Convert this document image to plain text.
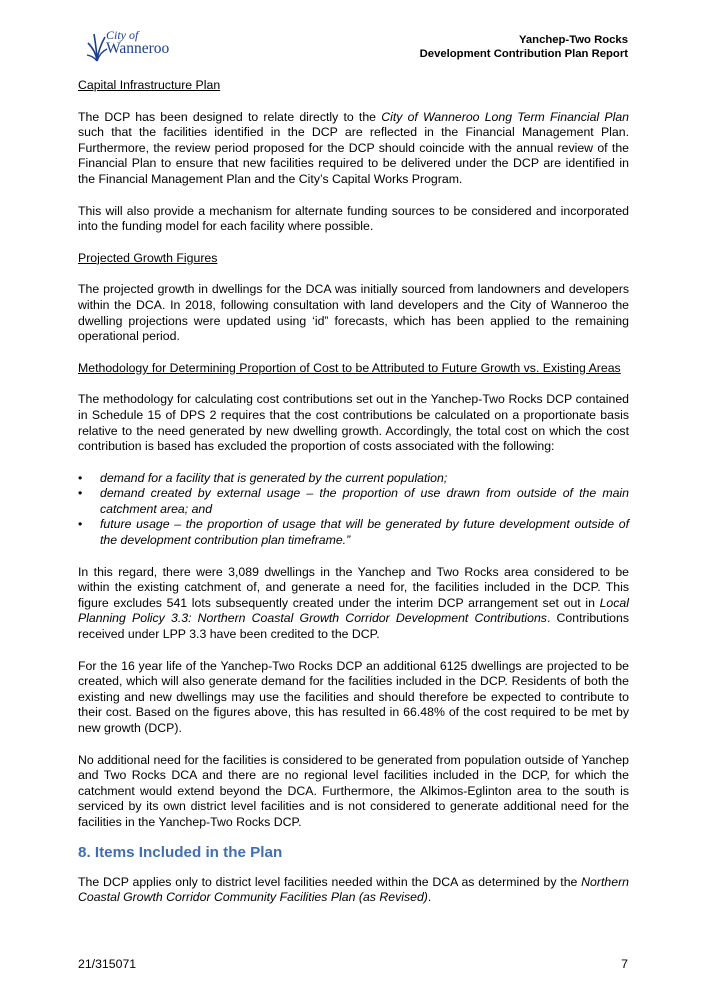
City of
Wanneroo	Yanchep-Two Rocks
Development Contribution Plan Report

Capital Infrastructure Plan

The DCP has been designed to relate directly to the City of Wanneroo Long Term Financial Plan such that the facilities identified in the DCP are reflected in the Financial Management Plan. Furthermore, the review period proposed for the DCP should coincide with the annual review of the Financial Plan to ensure that new facilities required to be delivered under the DCP are identified in the Financial Management Plan and the City’s Capital Works Program.

This will also provide a mechanism for alternate funding sources to be considered and incorporated into the funding model for each facility where possible.

Projected Growth Figures

The projected growth in dwellings for the DCA was initially sourced from landowners and developers within the DCA. In 2018, following consultation with land developers and the City of Wanneroo the dwelling projections were updated using ‘id” forecasts, which has been applied to the remaining operational period.

Methodology for Determining Proportion of Cost to be Attributed to Future Growth vs. Existing Areas

The methodology for calculating cost contributions set out in the Yanchep-Two Rocks DCP contained in Schedule 15 of DPS 2 requires that the cost contributions be calculated on a proportionate basis relative to the need generated by new dwelling growth. Accordingly, the total cost on which the cost contribution is based has excluded the proportion of costs associated with the following:

• demand for a facility that is generated by the current population;
• demand created by external usage – the proportion of use drawn from outside of the main catchment area; and
• future usage – the proportion of usage that will be generated by future development outside of the development contribution plan timeframe.”

In this regard, there were 3,089 dwellings in the Yanchep and Two Rocks area considered to be within the existing catchment of, and generate a need for, the facilities included in the DCP. This figure excludes 541 lots subsequently created under the interim DCP arrangement set out in Local Planning Policy 3.3: Northern Coastal Growth Corridor Development Contributions. Contributions received under LPP 3.3 have been credited to the DCP.

For the 16 year life of the Yanchep-Two Rocks DCP an additional 6125 dwellings are projected to be created, which will also generate demand for the facilities included in the DCP. Residents of both the existing and new dwellings may use the facilities and should therefore be expected to contribute to their cost. Based on the figures above, this has resulted in 66.48% of the cost required to be met by new growth (DCP).

No additional need for the facilities is considered to be generated from population outside of Yanchep and Two Rocks DCA and there are no regional level facilities included in the DCP, for which the catchment would extend beyond the DCA. Furthermore, the Alkimos-Eglinton area to the south is serviced by its own district level facilities and is not considered to generate additional need for the facilities in the Yanchep-Two Rocks DCP.

8. Items Included in the Plan

The DCP applies only to district level facilities needed within the DCA as determined by the Northern Coastal Growth Corridor Community Facilities Plan (as Revised).

21/315071	7
